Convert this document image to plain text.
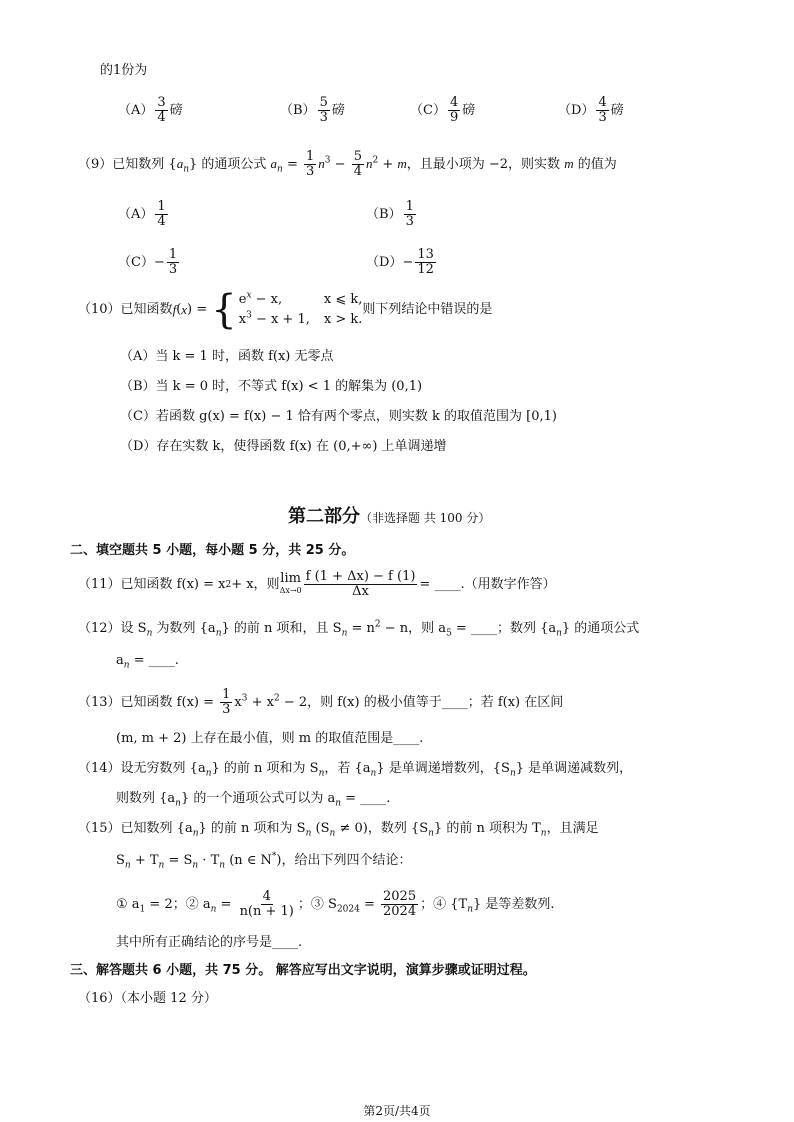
的1份为
$(A) \frac{3}{4}$ 磅	$(B) \frac{5}{3}$ 磅	$(C) \frac{4}{9}$ 磅	$(D) \frac{4}{3}$ 磅
（9）已知数列 $\{a_n\}$ 的通项公式 $a_n = \frac{1}{3} n^3 - \frac{5}{4} n^2 + m$，且最小项为 −2，则实数 m 的值为
$(A) \frac{1}{4}$	$(B) \frac{1}{3}$
$(C)- \frac{1}{3}$	$(D)- \frac{13}{12}$
（10） 已知函数 f ( x ) = { $e^x - x$,	x ⩽ k,
$x^3 - x + 1$, x > k.
则下列结论中错误的是
（A）当 k = 1 时，函数 f(x) 无零点
（B）当 k = 0 时，不等式 f(x) < 1 的解集为 (0,1)
（C）若函数 g(x) = f(x) − 1 恰有两个零点，则实数 k 的取值范围为 [0,1)
（D）存在实数 k，使得函数 f(x) 在 (0,+∞) 上单调递增
第二部分（非选择题 共 100 分）
二、填空题共 5 小题，每小题 5 分，共 25 分。
（11） 已知函数 f(x) = x 2 + x，则 lim
$\Delta x\to 0 \frac{f (1 + \Delta x) - f (1)}{\Delta x}$ = ____.（用数字作答）
（12）设 $S_n$ 为数列 $\{a_n\}$ 的前 n 项和，且 $S_n = n^2 - n$，则 $a_5$ = ____；数列 $\{a_n\}$ 的通项公式
$a_n$ = ____.
（13）已知函数 $f(x) = \frac{1}{3} x^3 + x^2 - 2$，则 f(x) 的极小值等于____；若 f(x) 在区间
(m, m + 2) 上存在最小值，则 m 的取值范围是____.
（14）设无穷数列 $\{a_n\}$ 的前 n 项和为 $S_n$，若 $\{a_n\}$ 是单调递增数列，$\{S_n\}$ 是单调递减数列，
则数列 $\{a_n\}$ 的一个通项公式可以为 $a_n$ = ____.
（15）已知数列 $\{a_n\}$ 的前 n 项和为 $S_n$ $(S_n \ne 0)$，数列 $\{S_n\}$ 的前 n 项积为 $T_n$，且满足
$S_n + T_n = S_n \cdot T_n$ (n ∈ N*)，给出下列四个结论：
① $a_1 = 2$；② $a_n = \frac{4}{n(n + 1)}$ ；③ $S_{2024} = \frac{2025}{2024}$ ；④ $\{T_n\}$ 是等差数列.
其中所有正确结论的序号是____.
三、解答题共 6 小题，共 75 分。 解答应写出文字说明，演算步骤或证明过程。
（16）（本小题 12 分）
第2页/共4页
